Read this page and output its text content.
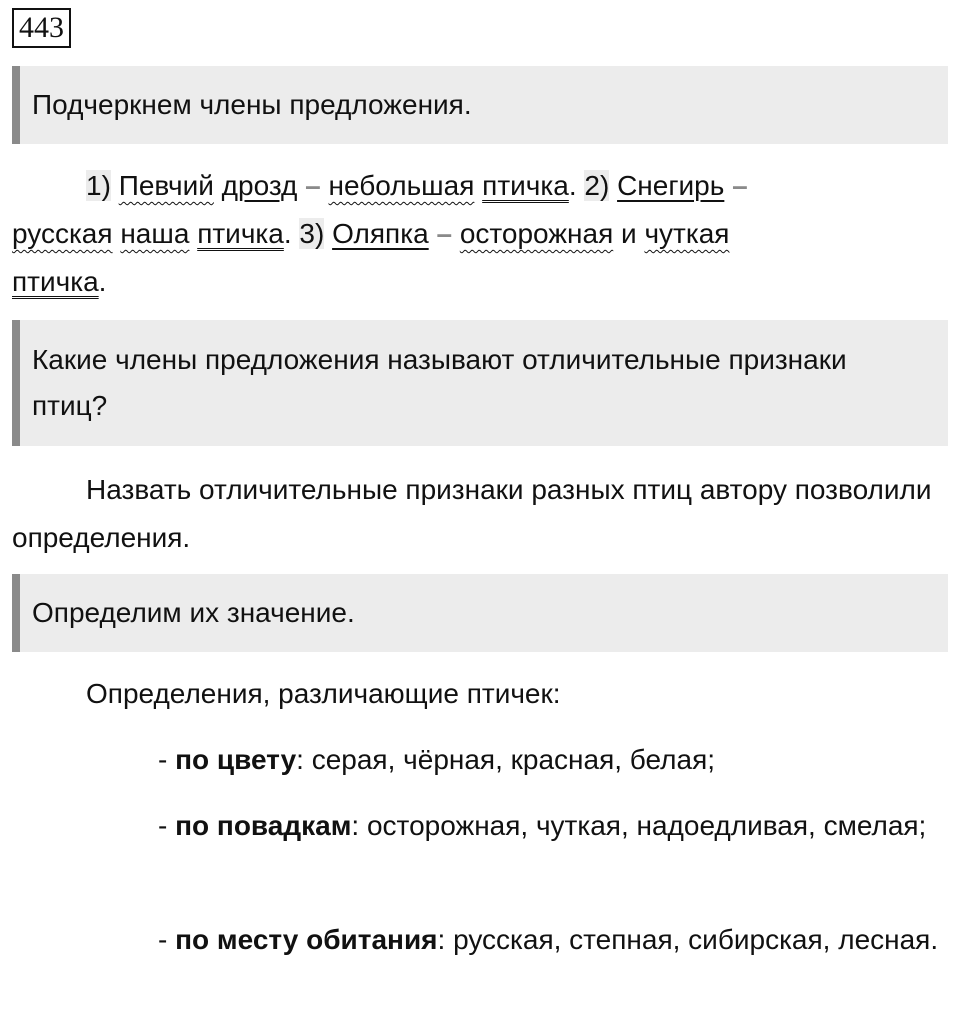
443
Подчеркнем члены предложения.
1) Певчий дрозд – небольшая птичка. 2) Снегирь –
русская наша птичка. 3) Оляпка – осторожная и чуткая
птичка.
Какие члены предложения называют отличительные признаки птиц?

Назвать отличительные признаки разных птиц автору позволили определения.

Определим их значение.

Определения, различающие птичек:

- по цвету: серая, чёрная, красная, белая;

- по повадкам: осторожная, чуткая, надоедливая, смелая;

- по месту обитания: русская, степная, сибирская, лесная.
